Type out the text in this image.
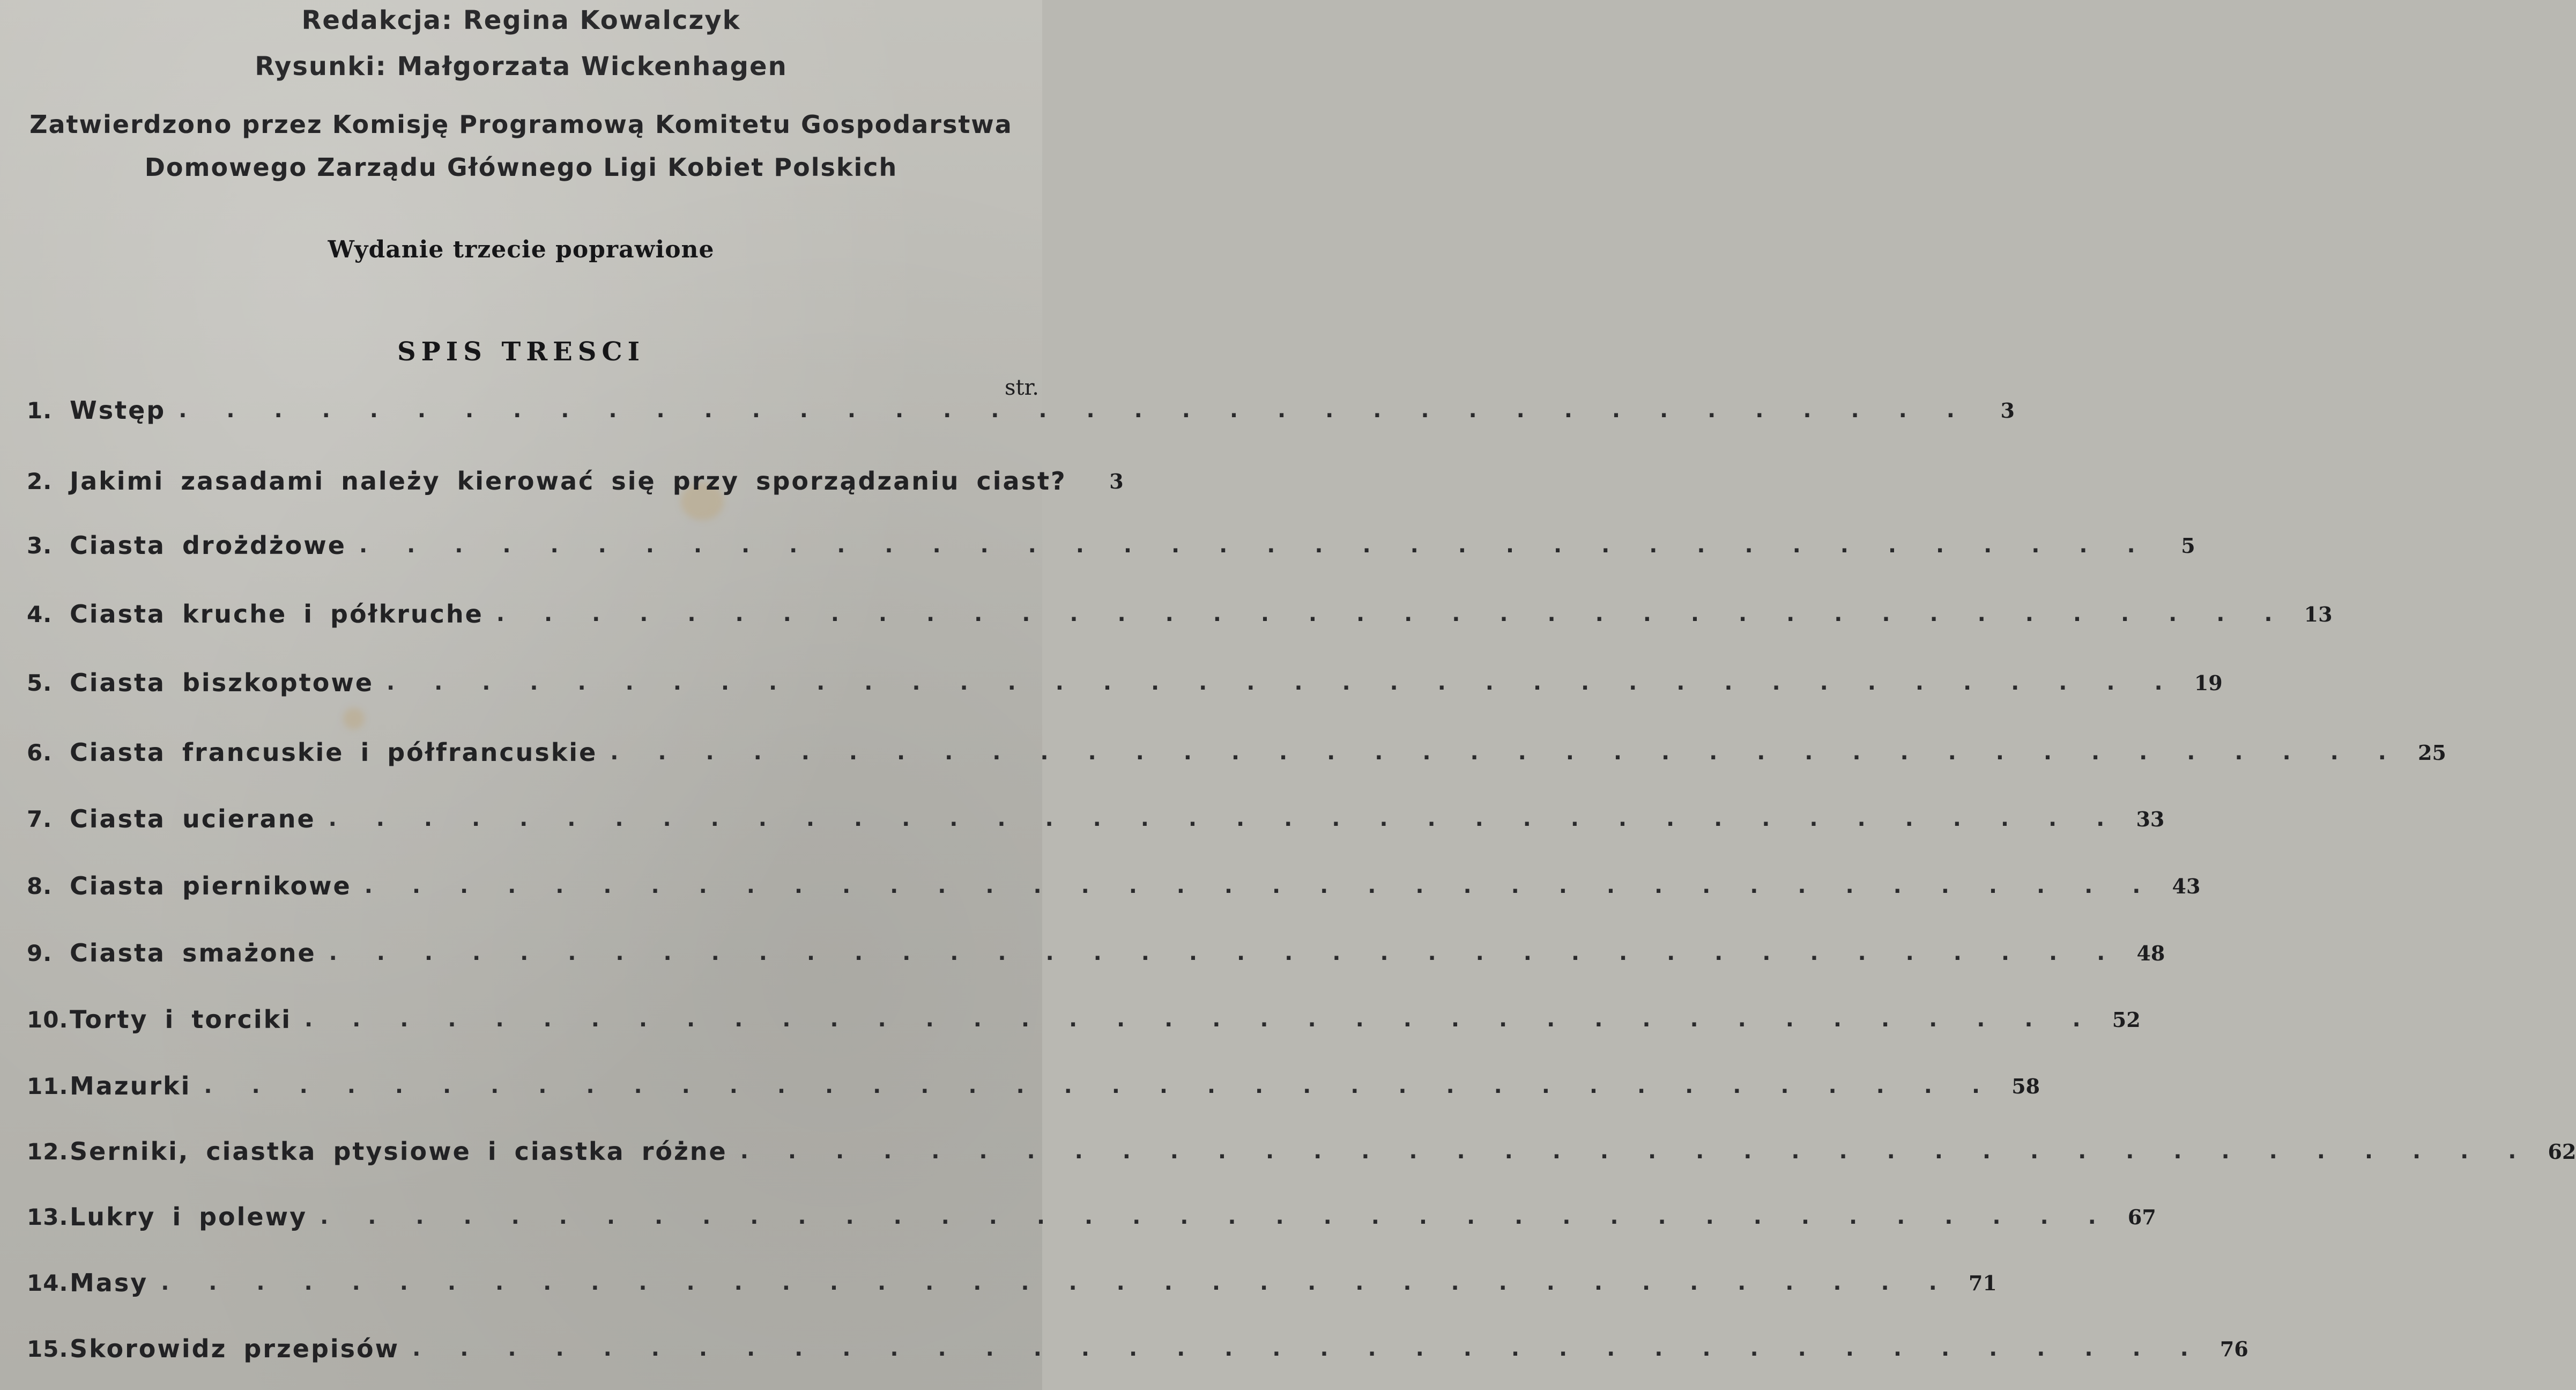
Redakcja: Regina Kowalczyk
Rysunki: Małgorzata Wickenhagen
Zatwierdzono przez Komisję Programową Komitetu Gospodarstwa
Domowego Zarządu Głównego Ligi Kobiet Polskich
Wydanie trzecie poprawione
SPIS TRESCI
str.
1. Wstęp . . . . . . . . . . . . . . . . . . . . . . . . . . . . . . . . . . . . . .	3
2. Jakimi zasadami należy kierować się przy sporządzaniu ciast?	3
3. Ciasta drożdżowe . . . . . . . . . . . . . . . . . . . . . . . . . . . . . . . . . . . . . .	5
4. Ciasta kruche i półkruche . . . . . . . . . . . . . . . . . . . . . . . . . . . . . . . . . . . . . . 13
5. Ciasta biszkoptowe . . . . . . . . . . . . . . . . . . . . . . . . . . . . . . . . . . . . . . 19
6. Ciasta francuskie i półfrancuskie . . . . . . . . . . . . . . . . . . . . . . . . . . . . . . . . . . . . . . 25
7. Ciasta ucierane . . . . . . . . . . . . . . . . . . . . . . . . . . . . . . . . . . . . . . 33
8. Ciasta piernikowe . . . . . . . . . . . . . . . . . . . . . . . . . . . . . . . . . . . . . . 43
9. Ciasta smażone . . . . . . . . . . . . . . . . . . . . . . . . . . . . . . . . . . . . . . 48
10. Torty i torciki . . . . . . . . . . . . . . . . . . . . . . . . . . . . . . . . . . . . . . 52
11. Mazurki . . . . . . . . . . . . . . . . . . . . . . . . . . . . . . . . . . . . . . 58
12. Serniki, ciastka ptysiowe i ciastka różne . . . . . . . . . . . . . . . . . . . . . . . . . . . . . . . . . . . . . . 62
13. Lukry i polewy . . . . . . . . . . . . . . . . . . . . . . . . . . . . . . . . . . . . . . 67
14. Masy . . . . . . . . . . . . . . . . . . . . . . . . . . . . . . . . . . . . . . 71
15. Skorowidz przepisów . . . . . . . . . . . . . . . . . . . . . . . . . . . . . . . . . . . . . . 76
